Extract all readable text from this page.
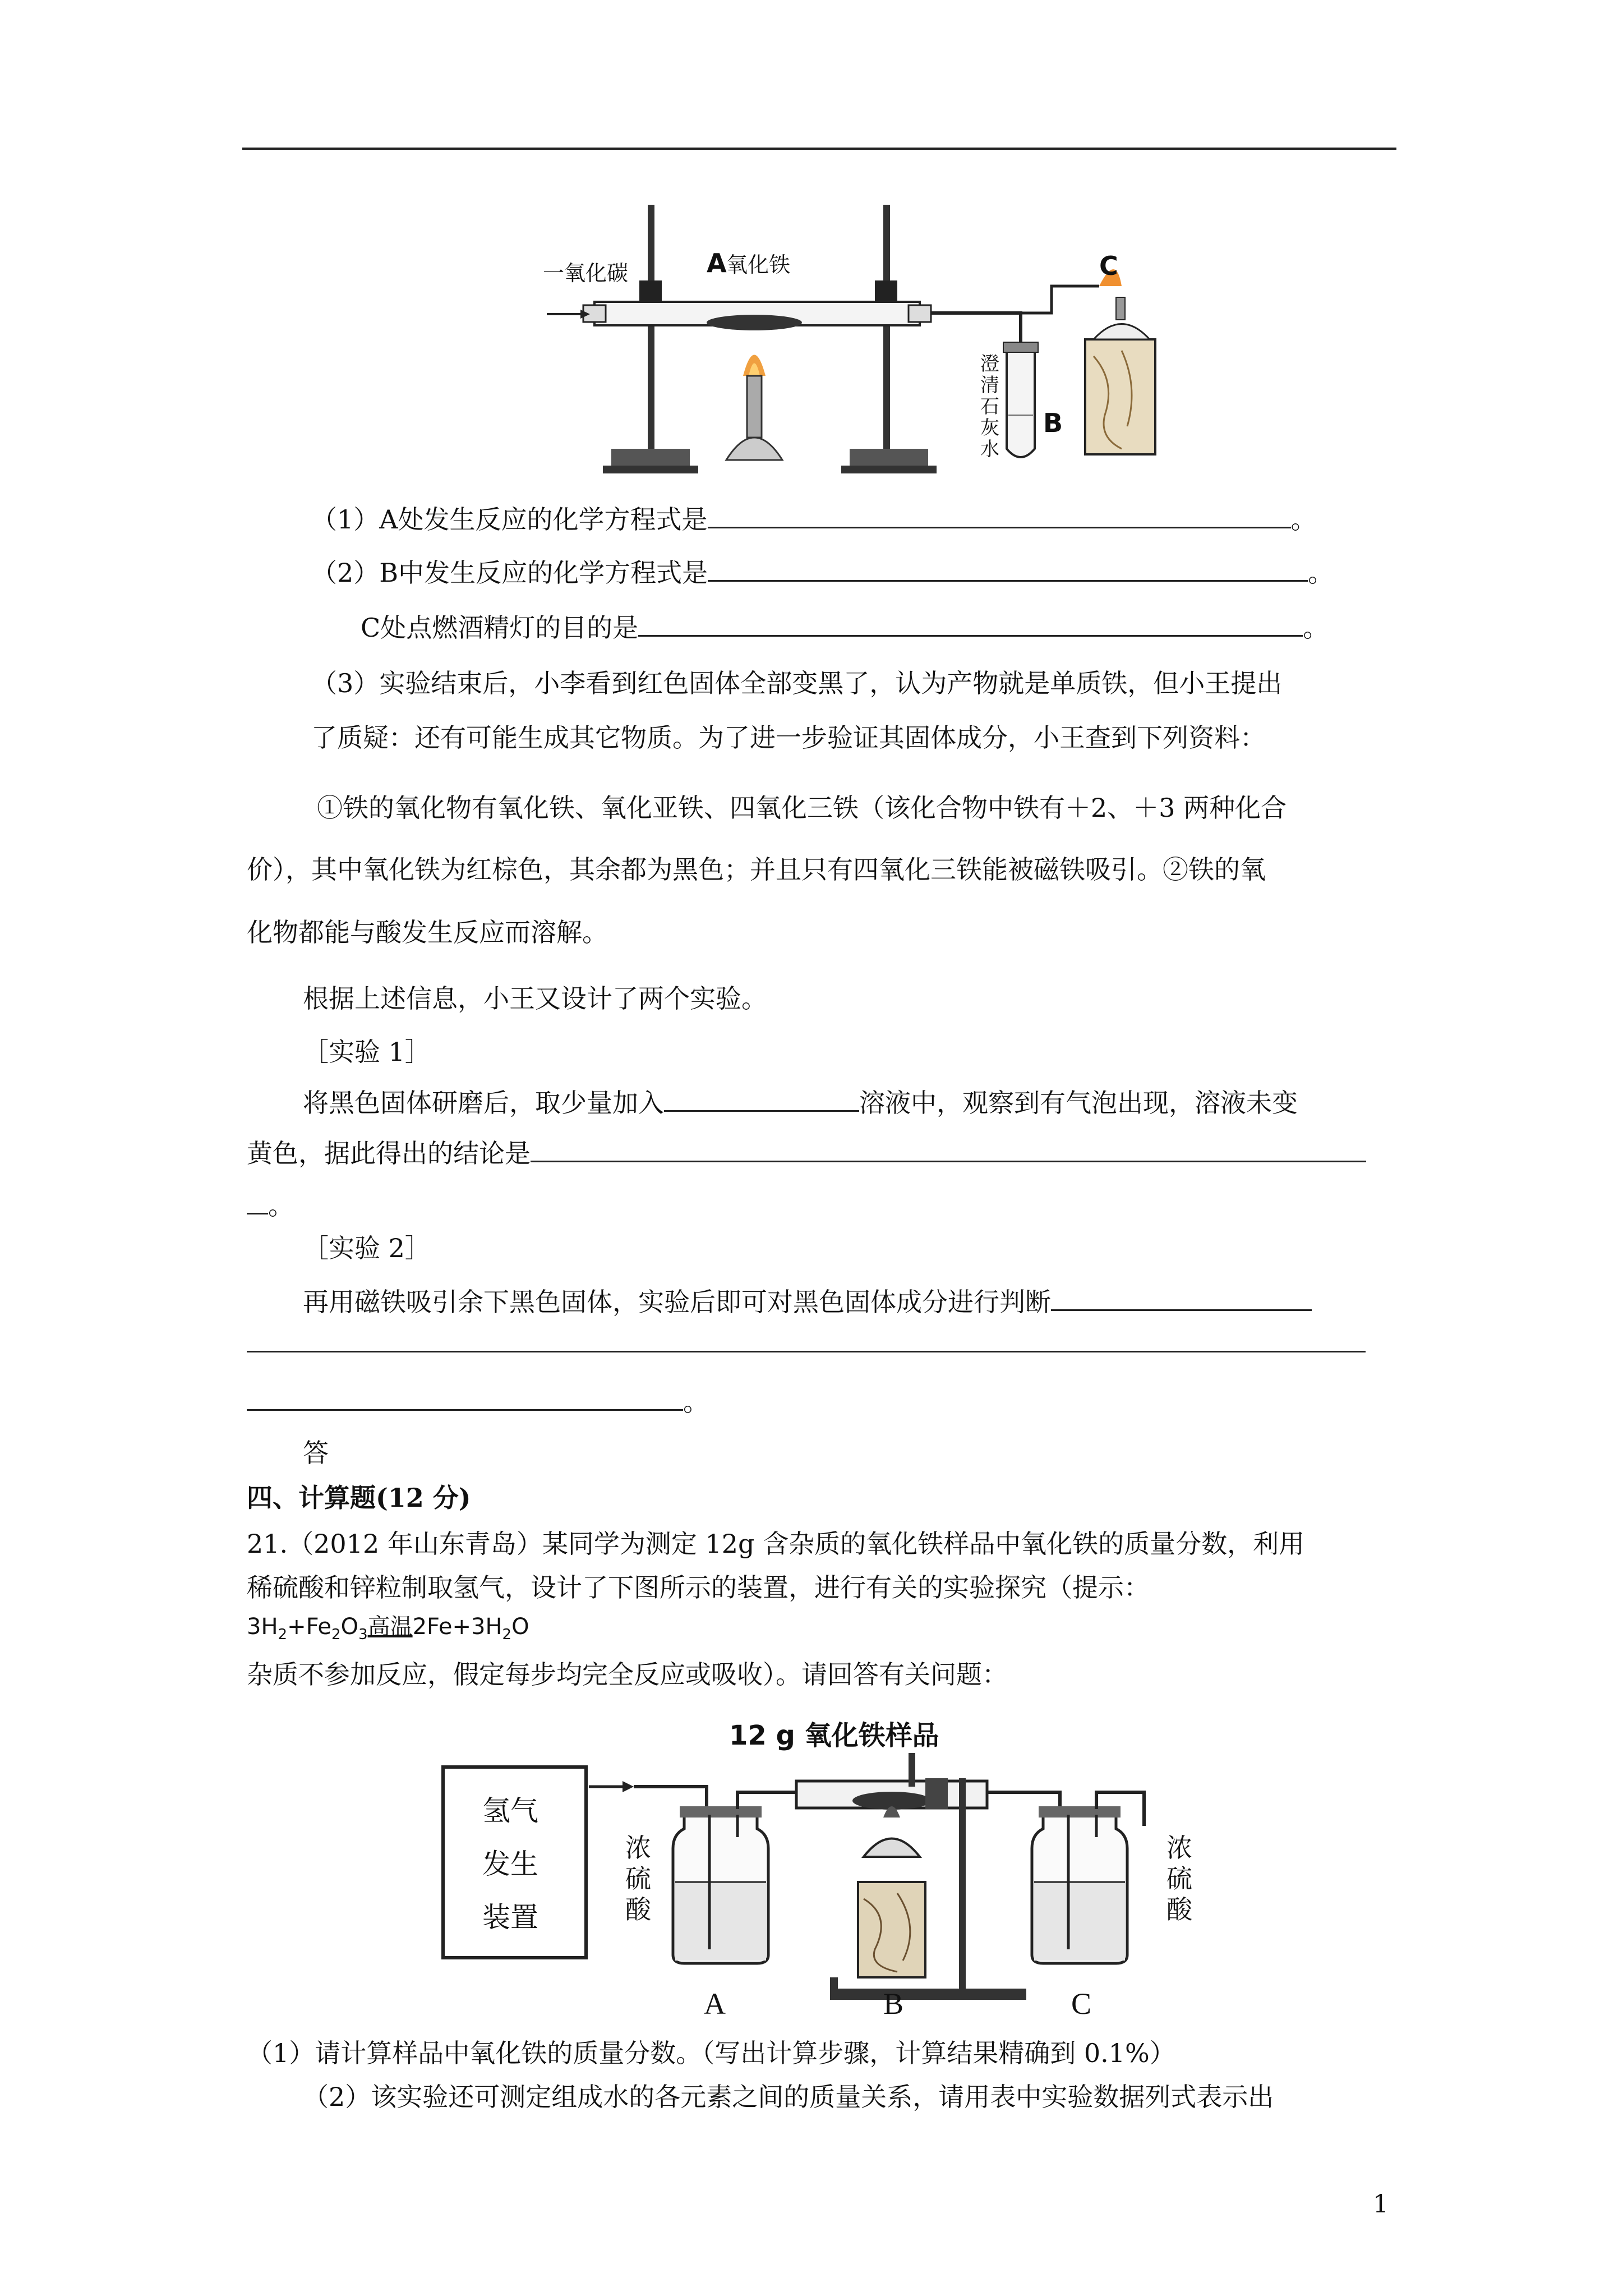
一氧化碳	A 氧化铁	C
B
澄
清
石
灰
水
（1）A处发生反应的化学方程式是	。
（2）B中发生反应的化学方程式是	。
C处点燃酒精灯的目的是	。
（3）实验结束后，小李看到红色固体全部变黑了，认为产物就是单质铁，但小王提出
了质疑：还有可能生成其它物质。为了进一步验证其固体成分，小王查到下列资料：
①铁的氧化物有氧化铁、氧化亚铁、四氧化三铁（该化合物中铁有＋2、＋3 两种化合
价），其中氧化铁为红棕色，其余都为黑色；并且只有四氧化三铁能被磁铁吸引。②铁的氧
化物都能与酸发生反应而溶解。
根据上述信息，小王又设计了两个实验。
［实验 1］
将黑色固体研磨后，取少量加入	溶液中，观察到有气泡出现，溶液未变
黄色，据此得出的结论是
。
［实验 2］
再用磁铁吸引余下黑色固体，实验后即可对黑色固体成分进行判断
。
答
四、计算题(12 分)
21.（2012 年山东青岛）某同学为测定 12g 含杂质的氧化铁样品中氧化铁的质量分数，利用
稀硫酸和锌粒制取氢气，设计了下图所示的装置，进行有关的实验探究（提示：
$3H_2+Fe_2O_3$高温$2Fe+3H_2O$
杂质不参加反应，假定每步均完全反应或吸收）。请回答有关问题：
12 g 氧化铁样品
氢气
发生
装置
浓
硫
酸
浓
硫
酸
A	B	C
（1）请计算样品中氧化铁的质量分数。（写出计算步骤，计算结果精确到 0.1%）
（2）该实验还可测定组成水的各元素之间的质量关系，请用表中实验数据列式表示出
1
